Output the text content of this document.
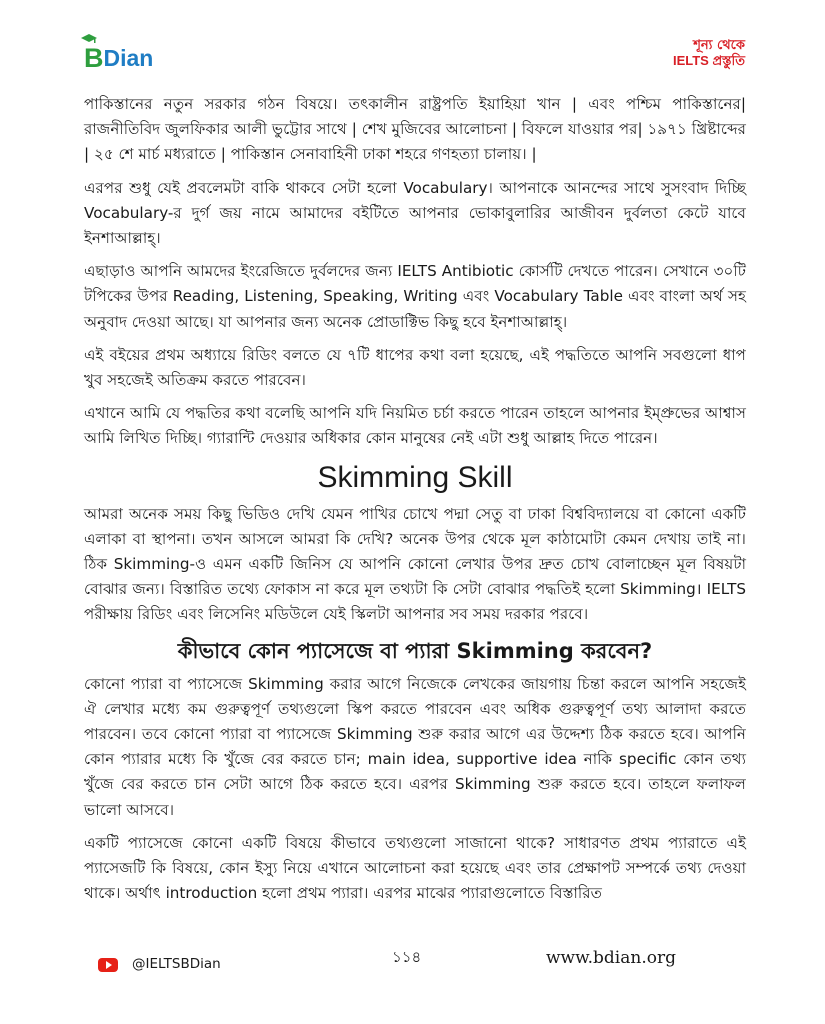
B Dian	শূন্য থেকে
IELTS প্রস্তুতি

পাকিস্তানের নতুন সরকার গঠন বিষয়ে। তৎকালীন রাষ্ট্রপতি ইয়াহিয়া খান | এবং পশ্চিম পাকিস্তানের| রাজনীতিবিদ জুলফিকার আলী ভুট্টোর সাথে | শেখ মুজিবের আলোচনা | বিফলে যাওয়ার পর| ১৯৭১ খ্রিষ্টাব্দের | ২৫ শে মার্চ মধ্যরাতে | পাকিস্তান সেনাবাহিনী ঢাকা শহরে গণহত্যা চালায়। |

এরপর শুধু যেই প্রবলেমটা বাকি থাকবে সেটা হলো Vocabulary। আপনাকে আনন্দের সাথে সুসংবাদ দিচ্ছি Vocabulary-র দুর্গ জয় নামে আমাদের বইটিতে আপনার ভোকাবুলারির আজীবন দুর্বলতা কেটে যাবে ইনশাআল্লাহ্।

এছাড়াও আপনি আমদের ইংরেজিতে দুর্বলদের জন্য IELTS Antibiotic কোর্সটি দেখতে পারেন। সেখানে ৩০টি টপিকের উপর Reading, Listening, Speaking, Writing এবং Vocabulary Table এবং বাংলা অর্থ সহ অনুবাদ দেওয়া আছে। যা আপনার জন্য অনেক প্রোডাক্টিভ কিছু হবে ইনশাআল্লাহ্।

এই বইয়ের প্রথম অধ্যায়ে রিডিং বলতে যে ৭টি ধাপের কথা বলা হয়েছে, এই পদ্ধতিতে আপনি সবগুলো ধাপ খুব সহজেই অতিক্রম করতে পারবেন।

এখানে আমি যে পদ্ধতির কথা বলেছি আপনি যদি নিয়মিত চর্চা করতে পারেন তাহলে আপনার ইম্প্রুভের আশ্বাস আমি লিখিত দিচ্ছি। গ্যারান্টি দেওয়ার অধিকার কোন মানুষের নেই এটা শুধু আল্লাহ দিতে পারেন।

Skimming Skill

আমরা অনেক সময় কিছু ভিডিও দেখি যেমন পাখির চোখে পদ্মা সেতু বা ঢাকা বিশ্ববিদ্যালয়ে বা কোনো একটি এলাকা বা স্থাপনা। তখন আসলে আমরা কি দেখি? অনেক উপর থেকে মূল কাঠামোটা কেমন দেখায় তাই না। ঠিক Skimming-ও এমন একটি জিনিস যে আপনি কোনো লেখার উপর দ্রুত চোখ বোলাচ্ছেন মূল বিষয়টা বোঝার জন্য। বিস্তারিত তথ্যে ফোকাস না করে মূল তথ্যটা কি সেটা বোঝার পদ্ধতিই হলো Skimming। IELTS পরীক্ষায় রিডিং এবং লিসেনিং মডিউলে যেই স্কিলটা আপনার সব সময় দরকার পরবে।

কীভাবে কোন প্যাসেজে বা প্যারা Skimming করবেন?

কোনো প্যারা বা প্যাসেজে Skimming করার আগে নিজেকে লেখকের জায়গায় চিন্তা করলে আপনি সহজেই ঐ লেখার মধ্যে কম গুরুত্বপূর্ণ তথ্যগুলো স্কিপ করতে পারবেন এবং অধিক গুরুত্বপূর্ণ তথ্য আলাদা করতে পারবেন। তবে কোনো প্যারা বা প্যাসেজে Skimming শুরু করার আগে এর উদ্দেশ্য ঠিক করতে হবে। আপনি কোন প্যারার মধ্যে কি খুঁজে বের করতে চান; main idea, supportive idea নাকি specific কোন তথ্য খুঁজে বের করতে চান সেটা আগে ঠিক করতে হবে। এরপর Skimming শুরু করতে হবে। তাহলে ফলাফল ভালো আসবে।

একটি প্যাসেজে কোনো একটি বিষয়ে কীভাবে তথ্যগুলো সাজানো থাকে? সাধারণত প্রথম প্যারাতে এই প্যাসেজটি কি বিষয়ে, কোন ইস্যু নিয়ে এখানে আলোচনা করা হয়েছে এবং তার প্রেক্ষাপট সম্পর্কে তথ্য দেওয়া থাকে। অর্থাৎ introduction হলো প্রথম প্যারা। এরপর মাঝের প্যারাগুলোতে বিস্তারিত

@IELTSBDian	১১৪	www.bdian.org
